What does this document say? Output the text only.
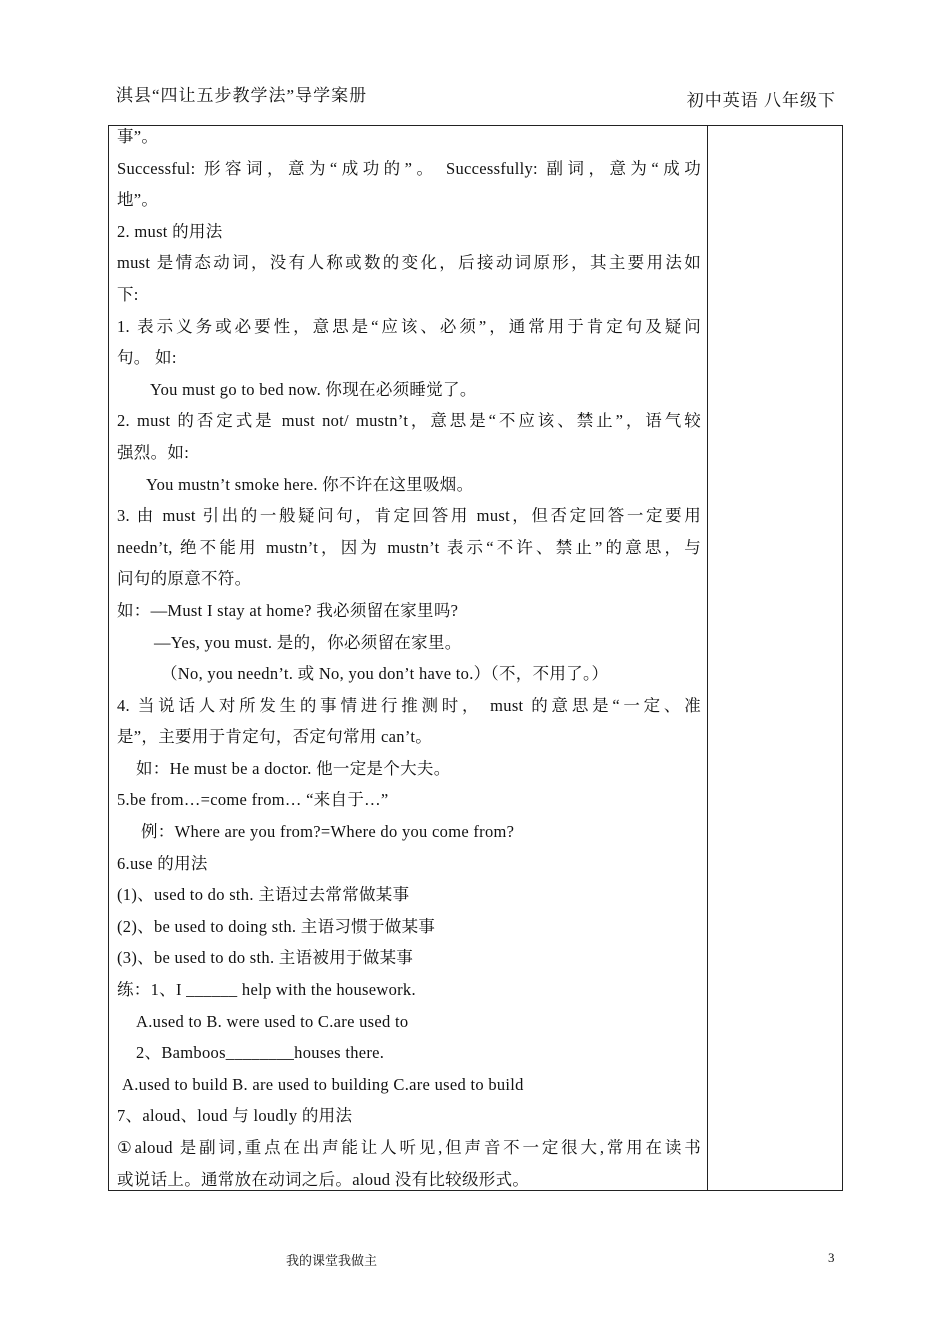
淇县“四让五步教学法”导学案册	初中英语 八年级下
事”。
Successful: 形容词，意为“成功的”。 Successfully: 副词，意为“成功
地”。
2. must 的用法
must 是情态动词，没有人称或数的变化，后接动词原形，其主要用法如
下:
1. 表示义务或必要性，意思是“应该、必须”，通常用于肯定句及疑问
句。 如:
You must go to bed now. 你现在必须睡觉了。
2. must 的否定式是 must not/ mustn’t，意思是“不应该、禁止”，语气较
强烈。如:
You mustn’t smoke here. 你不许在这里吸烟。
3. 由 must 引出的一般疑问句，肯定回答用 must，但否定回答一定要用
needn’t, 绝不能用 mustn’t，因为 mustn’t 表示“不许、禁止”的意思，与
问句的原意不符。
如：—Must I stay at home? 我必须留在家里吗?
—Yes, you must. 是的，你必须留在家里。
（No, you needn’t. 或 No, you don’t have to.）（不，不用了。）
4. 当说话人对所发生的事情进行推测时， must 的意思是“一定、准
是”，主要用于肯定句，否定句常用 can’t。
如：He must be a doctor. 他一定是个大夫。
5.be from…=come from… “来自于…”
例：Where are you from?=Where do you come from?
6.use 的用法
(1)、used to do sth. 主语过去常常做某事
(2)、be used to doing sth. 主语习惯于做某事
(3)、be used to do sth. 主语被用于做某事
练：1、I ______ help with the housework.
A.used to B. were used to C.are used to
2、Bamboos________houses there.
A.used to build B. are used to building C.are used to build
7、aloud、loud 与 loudly 的用法
①aloud 是副词,重点在出声能让人听见,但声音不一定很大,常用在读书
或说话上。通常放在动词之后。aloud 没有比较级形式。
我的课堂我做主	3
